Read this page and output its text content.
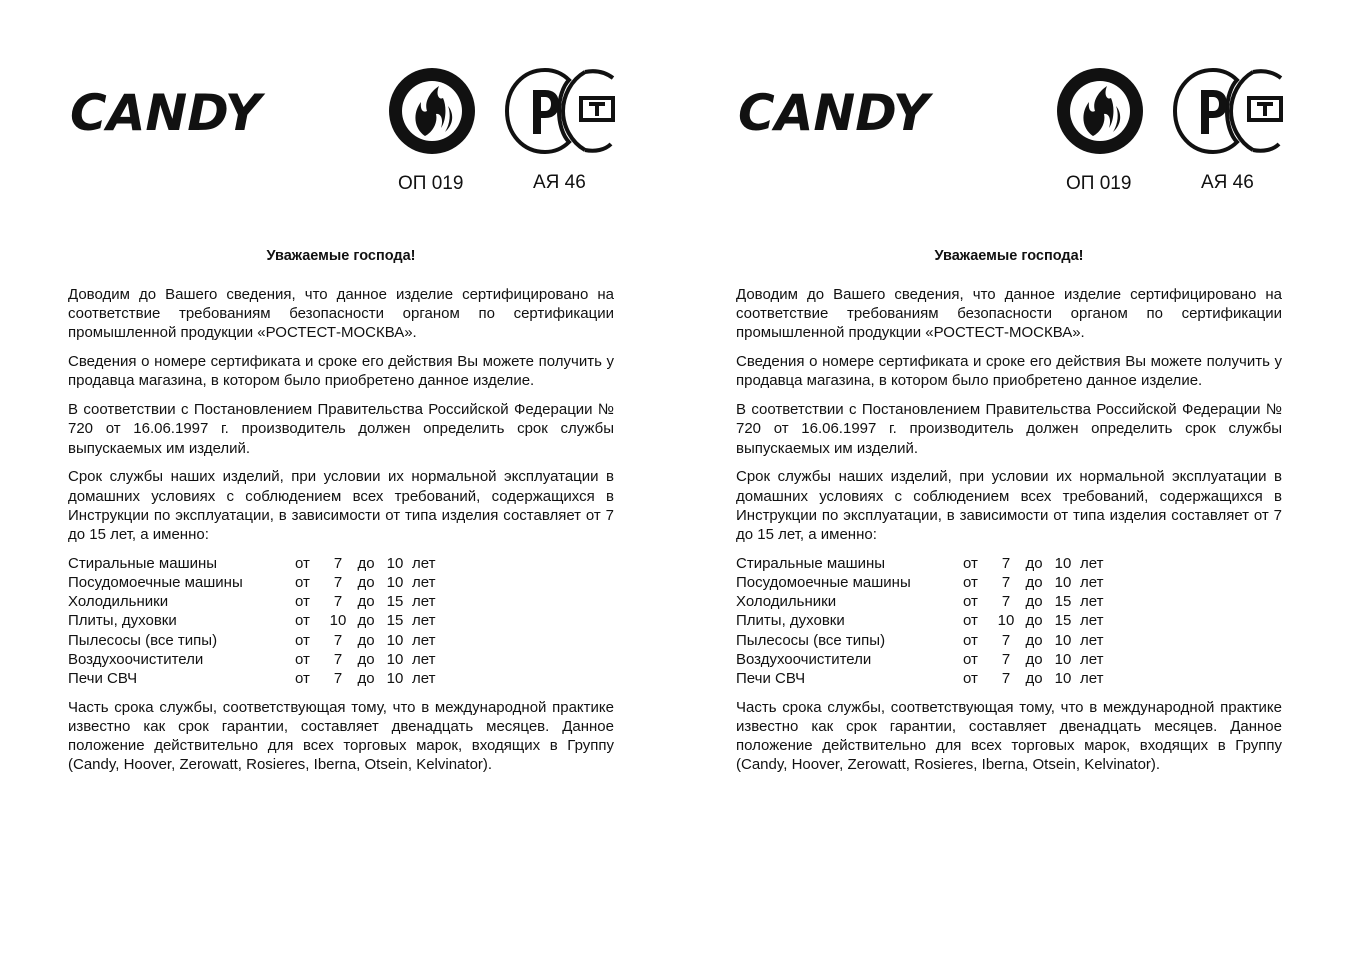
CANDY
ОП 019	АЯ 46
Уважаемые господа!

Доводим до Вашего сведения, что данное изделие сертифицировано на соответствие требованиям безопасности органом по сертификации промышленной продукции «РОСТЕСТ-МОСКВА».

Сведения о номере сертификата и сроке его действия Вы можете получить у продавца магазина, в котором было приобретено данное изделие.

В соответствии с Постановлением Правительства Российской Федерации № 720 от 16.06.1997 г. производитель должен определить срок службы выпускаемых им изделий.

Срок службы наших изделий, при условии их нормальной эксплуатации в домашних условиях с соблюдением всех требований, содержащихся в Инструкции по эксплуатации, в зависимости от типа изделия составляет от 7 до 15 лет, а именно:

Стиральные машины	от	7	до	10	лет
Посудомоечные машины	от	7	до	10	лет
Холодильники	от	7	до	15	лет
Плиты, духовки	от	10	до	15	лет
Пылесосы (все типы)	от	7	до	10	лет
Воздухоочистители	от	7	до	10	лет
Печи СВЧ	от	7	до	10	лет

Часть срока службы, соответствующая тому, что в международной практике известно как срок гарантии, составляет двенадцать месяцев. Данное положение действительно для всех торговых марок, входящих в Группу (Candy, Hoover, Zerowatt, Rosieres, Iberna, Otsein, Kelvinator).

CANDY
ОП 019	АЯ 46
Уважаемые господа!

Доводим до Вашего сведения, что данное изделие сертифицировано на соответствие требованиям безопасности органом по сертификации промышленной продукции «РОСТЕСТ-МОСКВА».

Сведения о номере сертификата и сроке его действия Вы можете получить у продавца магазина, в котором было приобретено данное изделие.

В соответствии с Постановлением Правительства Российской Федерации № 720 от 16.06.1997 г. производитель должен определить срок службы выпускаемых им изделий.

Срок службы наших изделий, при условии их нормальной эксплуатации в домашних условиях с соблюдением всех требований, содержащихся в Инструкции по эксплуатации, в зависимости от типа изделия составляет от 7 до 15 лет, а именно:

Стиральные машины	от	7	до	10	лет
Посудомоечные машины	от	7	до	10	лет
Холодильники	от	7	до	15	лет
Плиты, духовки	от	10	до	15	лет
Пылесосы (все типы)	от	7	до	10	лет
Воздухоочистители	от	7	до	10	лет
Печи СВЧ	от	7	до	10	лет

Часть срока службы, соответствующая тому, что в международной практике известно как срок гарантии, составляет двенадцать месяцев. Данное положение действительно для всех торговых марок, входящих в Группу (Candy, Hoover, Zerowatt, Rosieres, Iberna, Otsein, Kelvinator).
